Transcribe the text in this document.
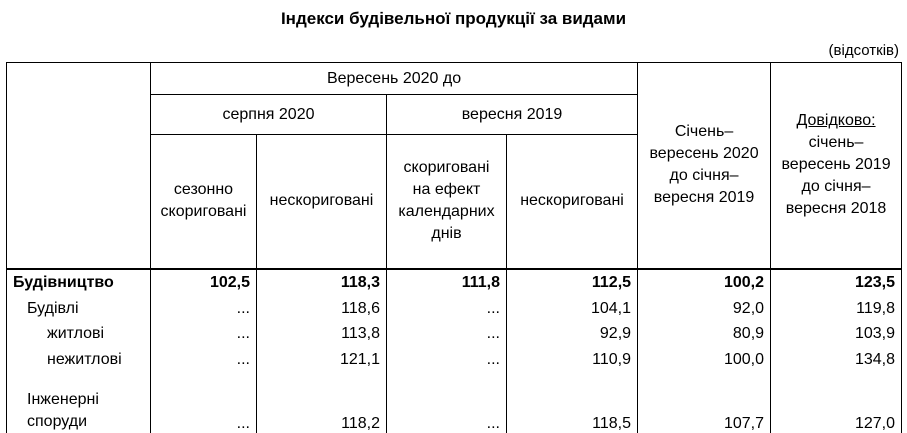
Індекси будівельної продукції за видами
(відсотків)
	Вересень 2020 до				Січень–вересень 2020 до січня–вересня 2019	Довідково:
січень–вересень 2019 до січня–вересня 2018

	серпня 2020		вересня 2019			
	сезонно скориговані	нескориговані	скориговані на ефект календарних днів	нескориговані		
Будівництво	102,5	118,3	111,8	112,5	100,2	123,5
Будівлі	...	118,6	...	104,1	92,0	119,8
житлові	...	113,8	...	92,9	80,9	103,9
нежитлові	...	121,1	...	110,9	100,0	134,8

Інженерні
споруди	...	118,2	...	118,5	107,7	127,0
